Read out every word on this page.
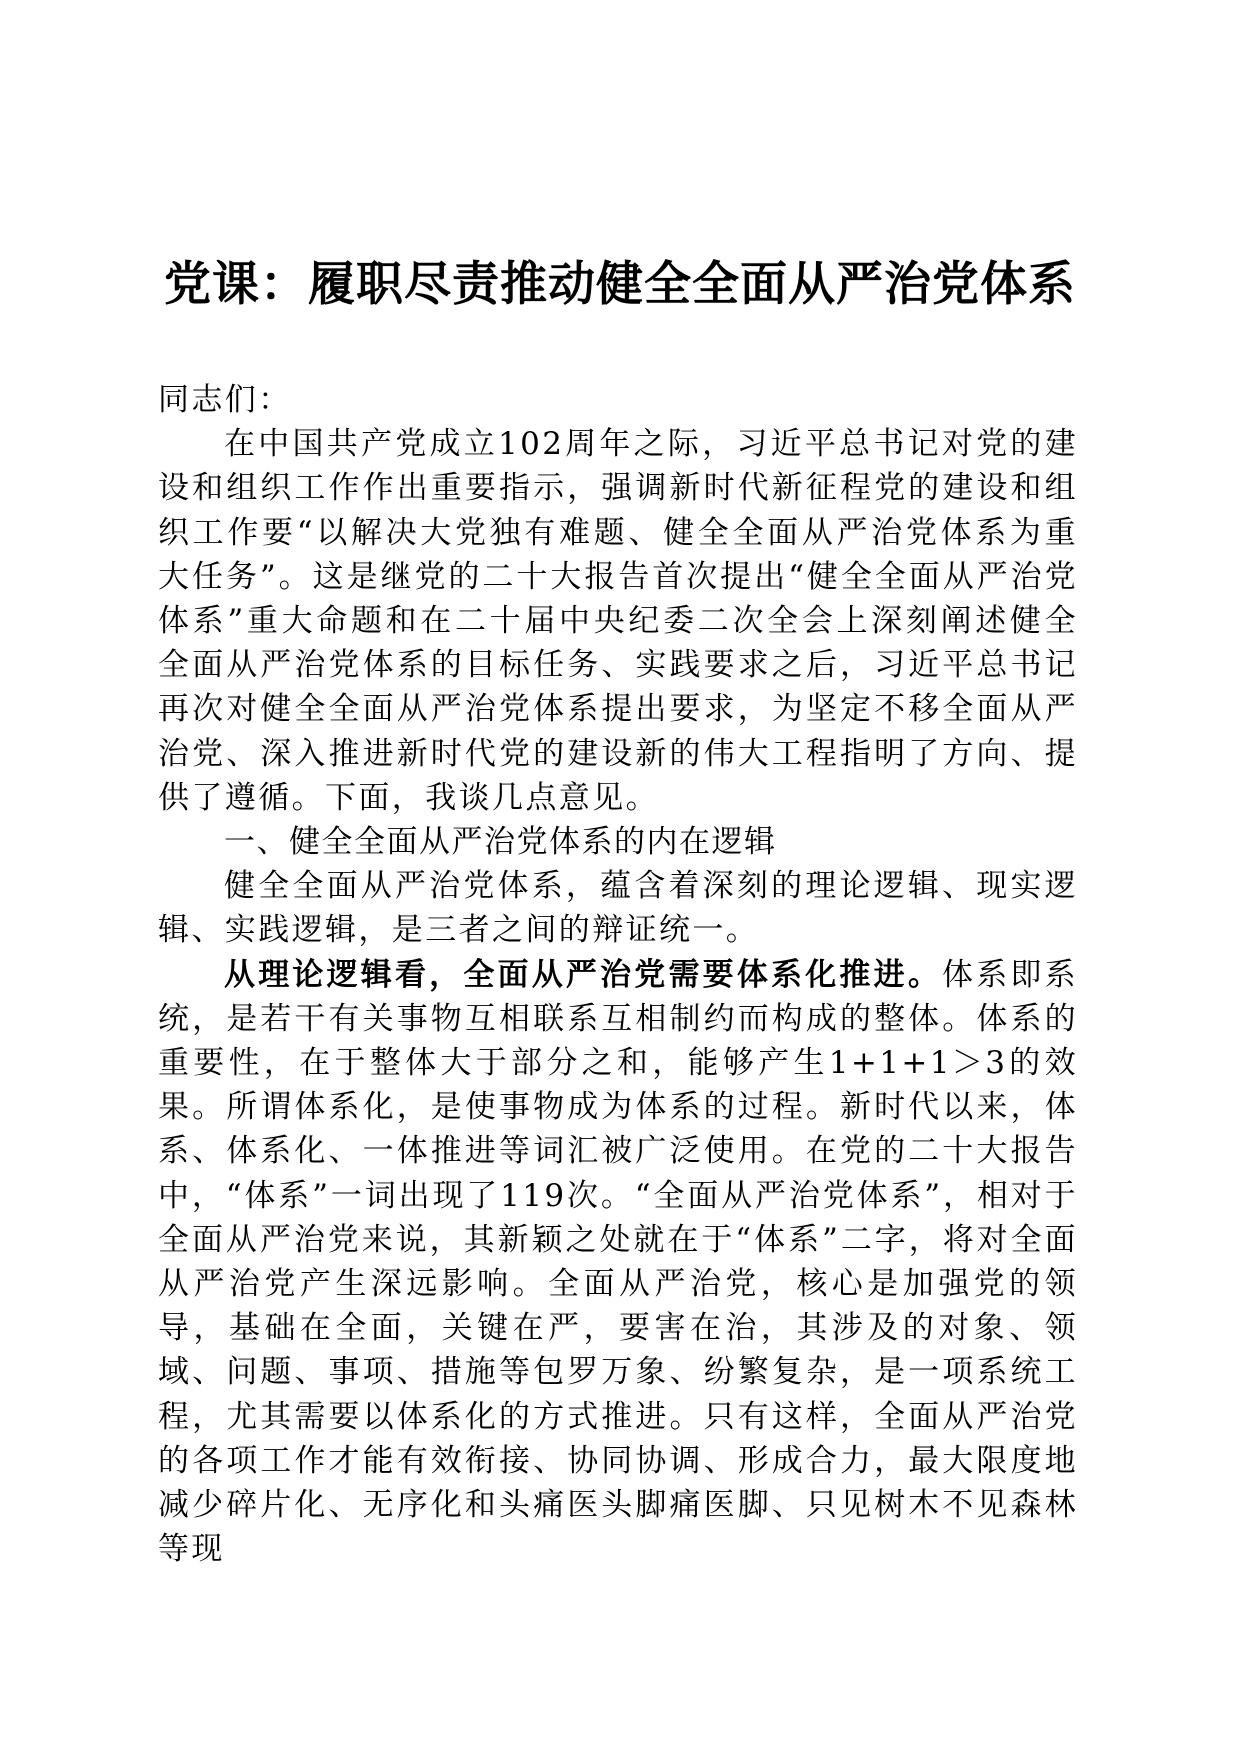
党课：履职尽责推动健全全面从严治党体系

同志们：

在中国共产党成立102周年之际，习近平总书记对党的建设和组织工作作出重要指示，强调新时代新征程党的建设和组织工作要“以解决大党独有难题、健全全面从严治党体系为重大任务”。这是继党的二十大报告首次提出“健全全面从严治党体系”重大命题和在二十届中央纪委二次全会上深刻阐述健全全面从严治党体系的目标任务、实践要求之后，习近平总书记再次对健全全面从严治党体系提出要求，为坚定不移全面从严治党、深入推进新时代党的建设新的伟大工程指明了方向、提供了遵循。下面，我谈几点意见。

一、健全全面从严治党体系的内在逻辑

健全全面从严治党体系，蕴含着深刻的理论逻辑、现实逻辑、实践逻辑，是三者之间的辩证统一。

从理论逻辑看，全面从严治党需要体系化推进。体系即系统，是若干有关事物互相联系互相制约而构成的整体。体系的重要性，在于整体大于部分之和，能够产生1+1+1＞3的效果。所谓体系化，是使事物成为体系的过程。新时代以来，体系、体系化、一体推进等词汇被广泛使用。在党的二十大报告中，“体系”一词出现了119次。“全面从严治党体系”，相对于全面从严治党来说，其新颖之处就在于“体系”二字，将对全面从严治党产生深远影响。全面从严治党，核心是加强党的领导，基础在全面，关键在严，要害在治，其涉及的对象、领域、问题、事项、措施等包罗万象、纷繁复杂，是一项系统工程，尤其需要以体系化的方式推进。只有这样，全面从严治党的各项工作才能有效衔接、协同协调、形成合力，最大限度地减少碎片化、无序化和头痛医头脚痛医脚、只见树木不见森林等现
